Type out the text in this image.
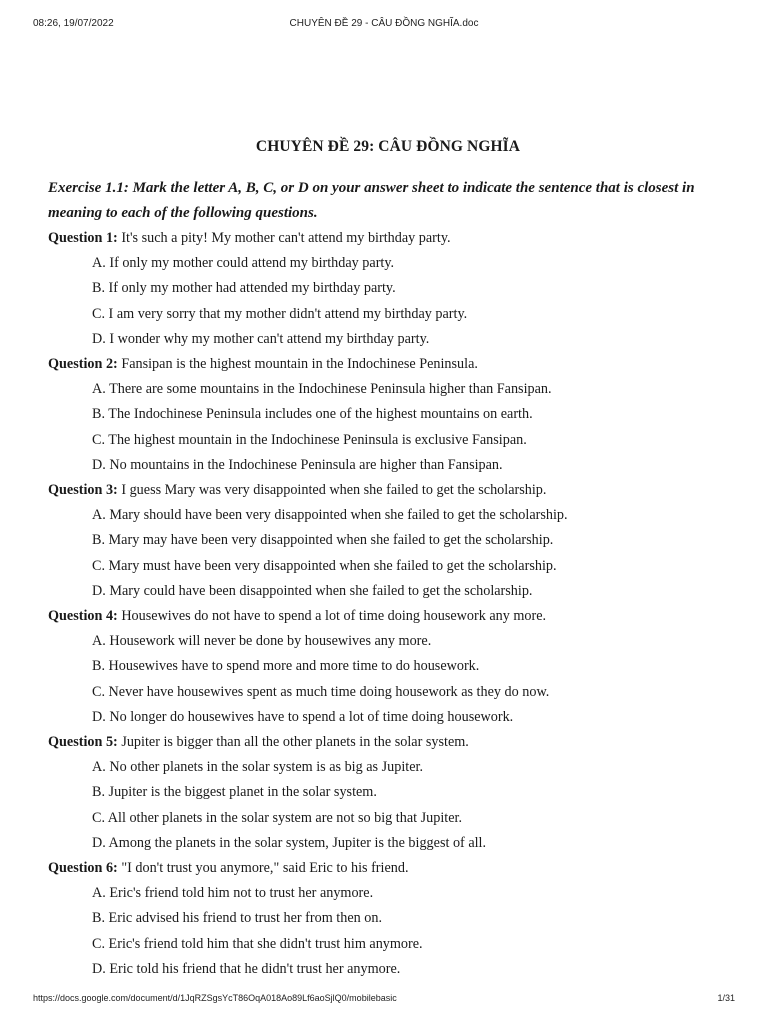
08:26, 19/07/2022	CHUYÊN ĐỀ 29 - CÂU ĐỒNG NGHĨA.doc

CHUYÊN ĐỀ 29: CÂU ĐỒNG NGHĨA

Exercise 1.1: Mark the letter A, B, C, or D on your answer sheet to indicate the sentence that is closest in meaning to each of the following questions.

Question 1: It's such a pity! My mother can't attend my birthday party.

A. If only my mother could attend my birthday party.

B. If only my mother had attended my birthday party.

C. I am very sorry that my mother didn't attend my birthday party.

D. I wonder why my mother can't attend my birthday party.

Question 2: Fansipan is the highest mountain in the Indochinese Peninsula.

A. There are some mountains in the Indochinese Peninsula higher than Fansipan.

B. The Indochinese Peninsula includes one of the highest mountains on earth.

C. The highest mountain in the Indochinese Peninsula is exclusive Fansipan.

D. No mountains in the Indochinese Peninsula are higher than Fansipan.

Question 3: I guess Mary was very disappointed when she failed to get the scholarship.

A. Mary should have been very disappointed when she failed to get the scholarship.

B. Mary may have been very disappointed when she failed to get the scholarship.

C. Mary must have been very disappointed when she failed to get the scholarship.

D. Mary could have been disappointed when she failed to get the scholarship.

Question 4: Housewives do not have to spend a lot of time doing housework any more.

A. Housework will never be done by housewives any more.

B. Housewives have to spend more and more time to do housework.

C. Never have housewives spent as much time doing housework as they do now.

D. No longer do housewives have to spend a lot of time doing housework.

Question 5: Jupiter is bigger than all the other planets in the solar system.

A. No other planets in the solar system is as big as Jupiter.

B. Jupiter is the biggest planet in the solar system.

C. All other planets in the solar system are not so big that Jupiter.

D. Among the planets in the solar system, Jupiter is the biggest of all.

Question 6: "I don't trust you anymore," said Eric to his friend.

A. Eric's friend told him not to trust her anymore.

B. Eric advised his friend to trust her from then on.

C. Eric's friend told him that she didn't trust him anymore.

D. Eric told his friend that he didn't trust her anymore.

https://docs.google.com/document/d/1JqRZSgsYcT86OqA018Ao89Lf6aoSjlQ0/mobilebasic	1/31
